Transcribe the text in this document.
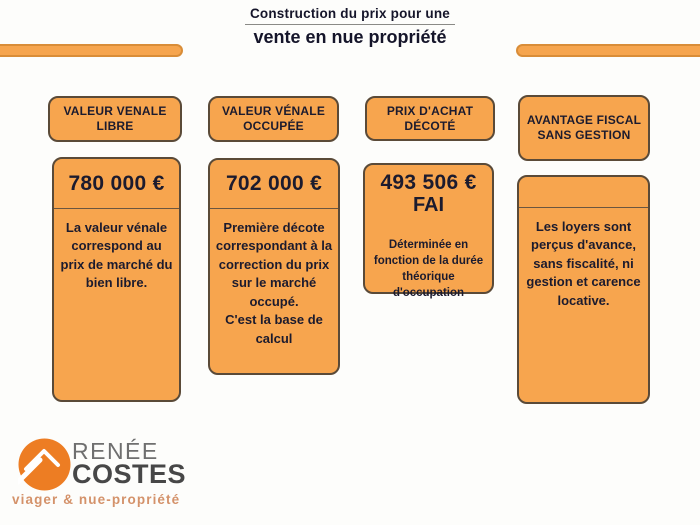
Construction du prix pour une
vente en nue propriété
VALEUR VENALE LIBRE
780 000 €
La valeur vénale correspond au prix de marché du bien libre.
VALEUR VÉNALE OCCUPÉE
702 000 €
Première décote correspondant à la correction du prix sur le marché occupé.
C'est la base de calcul
PRIX D'ACHAT DÉCOTÉ
493 506 €
FAI
Déterminée en fonction de la durée théorique d'occupation
AVANTAGE FISCAL SANS GESTION
Les loyers sont perçus d'avance, sans fiscalité, ni gestion et carence locative.
RENÉE
COSTES
viager & nue-propriété
